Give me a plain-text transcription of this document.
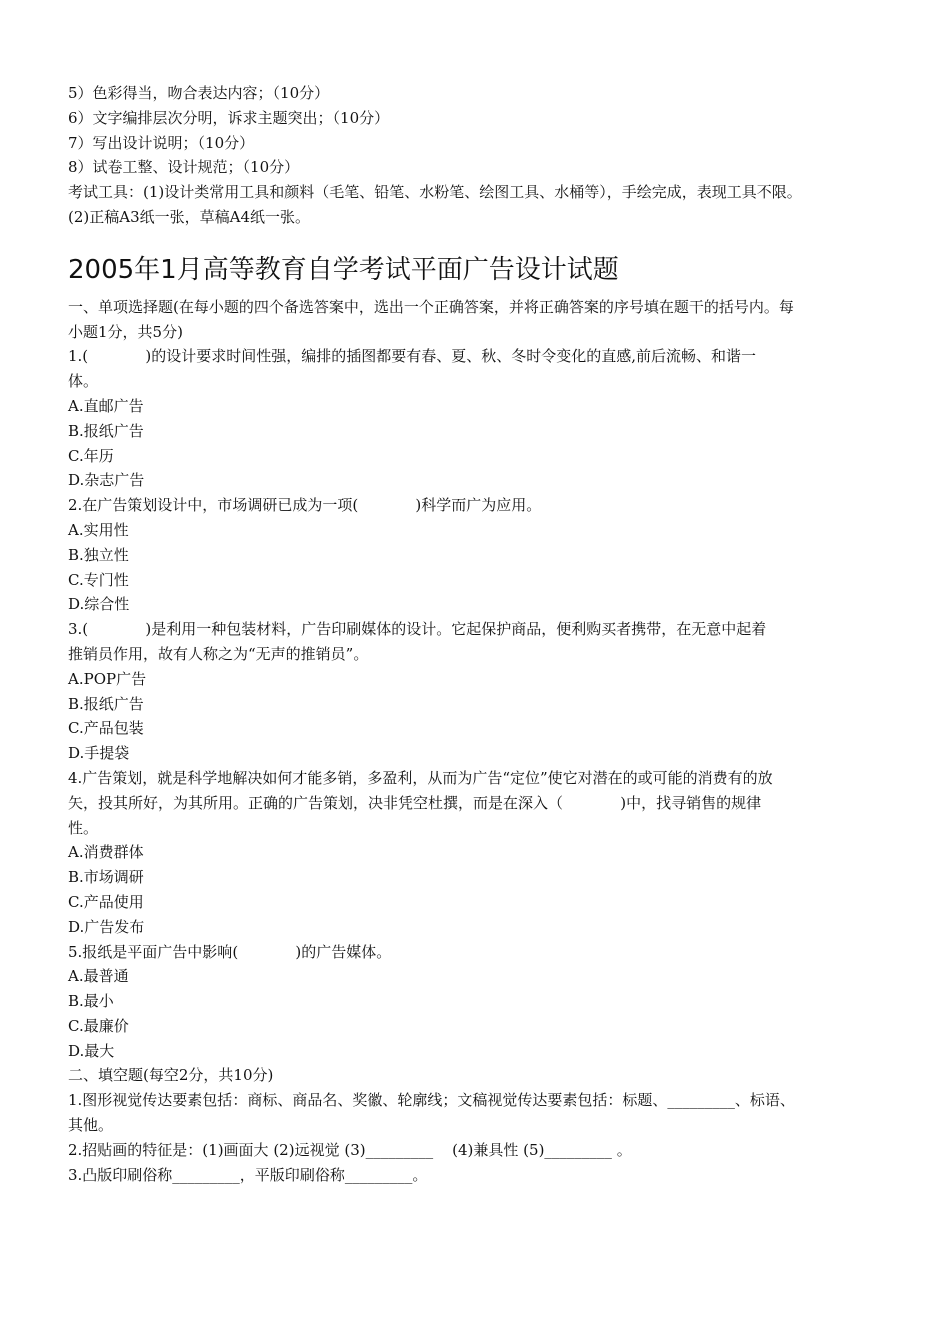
5）色彩得当，吻合表达内容；（10分）

6）文字编排层次分明，诉求主题突出；（10分）

7）写出设计说明；（10分）

8）试卷工整、设计规范；（10分）

考试工具：(1)设计类常用工具和颜料（毛笔、铅笔、水粉笔、绘图工具、水桶等），手绘完成，表现工具不限。

(2)正稿A3纸一张，草稿A4纸一张。

2005年1月高等教育自学考试平面广告设计试题

一、单项选择题(在每小题的四个备选答案中，选出一个正确答案，并将正确答案的序号填在题干的括号内。每

小题1分，共5分)

1.(            )的设计要求时间性强，编排的插图都要有春、夏、秋、冬时令变化的直感,前后流畅、和谐一

体。

A.直邮广告

B.报纸广告

C.年历

D.杂志广告

2.在广告策划设计中，市场调研已成为一项(            )科学而广为应用。

A.实用性

B.独立性

C.专门性

D.综合性

3.(            )是利用一种包装材料，广告印刷媒体的设计。它起保护商品，便利购买者携带，在无意中起着

推销员作用，故有人称之为“无声的推销员”。

A.POP广告

B.报纸广告

C.产品包装

D.手提袋

4.广告策划，就是科学地解决如何才能多销，多盈利，从而为广告“定位”使它对潜在的或可能的消费有的放

矢，投其所好，为其所用。正确的广告策划，决非凭空杜撰，而是在深入（            )中，找寻销售的规律

性。

A.消费群体

B.市场调研

C.产品使用

D.广告发布

5.报纸是平面广告中影响(            )的广告媒体。

A.最普通

B.最小

C.最廉价

D.最大

二、填空题(每空2分，共10分)

1.图形视觉传达要素包括：商标、商品名、奖徽、轮廓线；文稿视觉传达要素包括：标题、_________、标语、

其他。

2.招贴画的特征是：(1)画面大 (2)远视觉 (3)_________    (4)兼具性 (5)_________ 。

3.凸版印刷俗称_________，平版印刷俗称_________。
